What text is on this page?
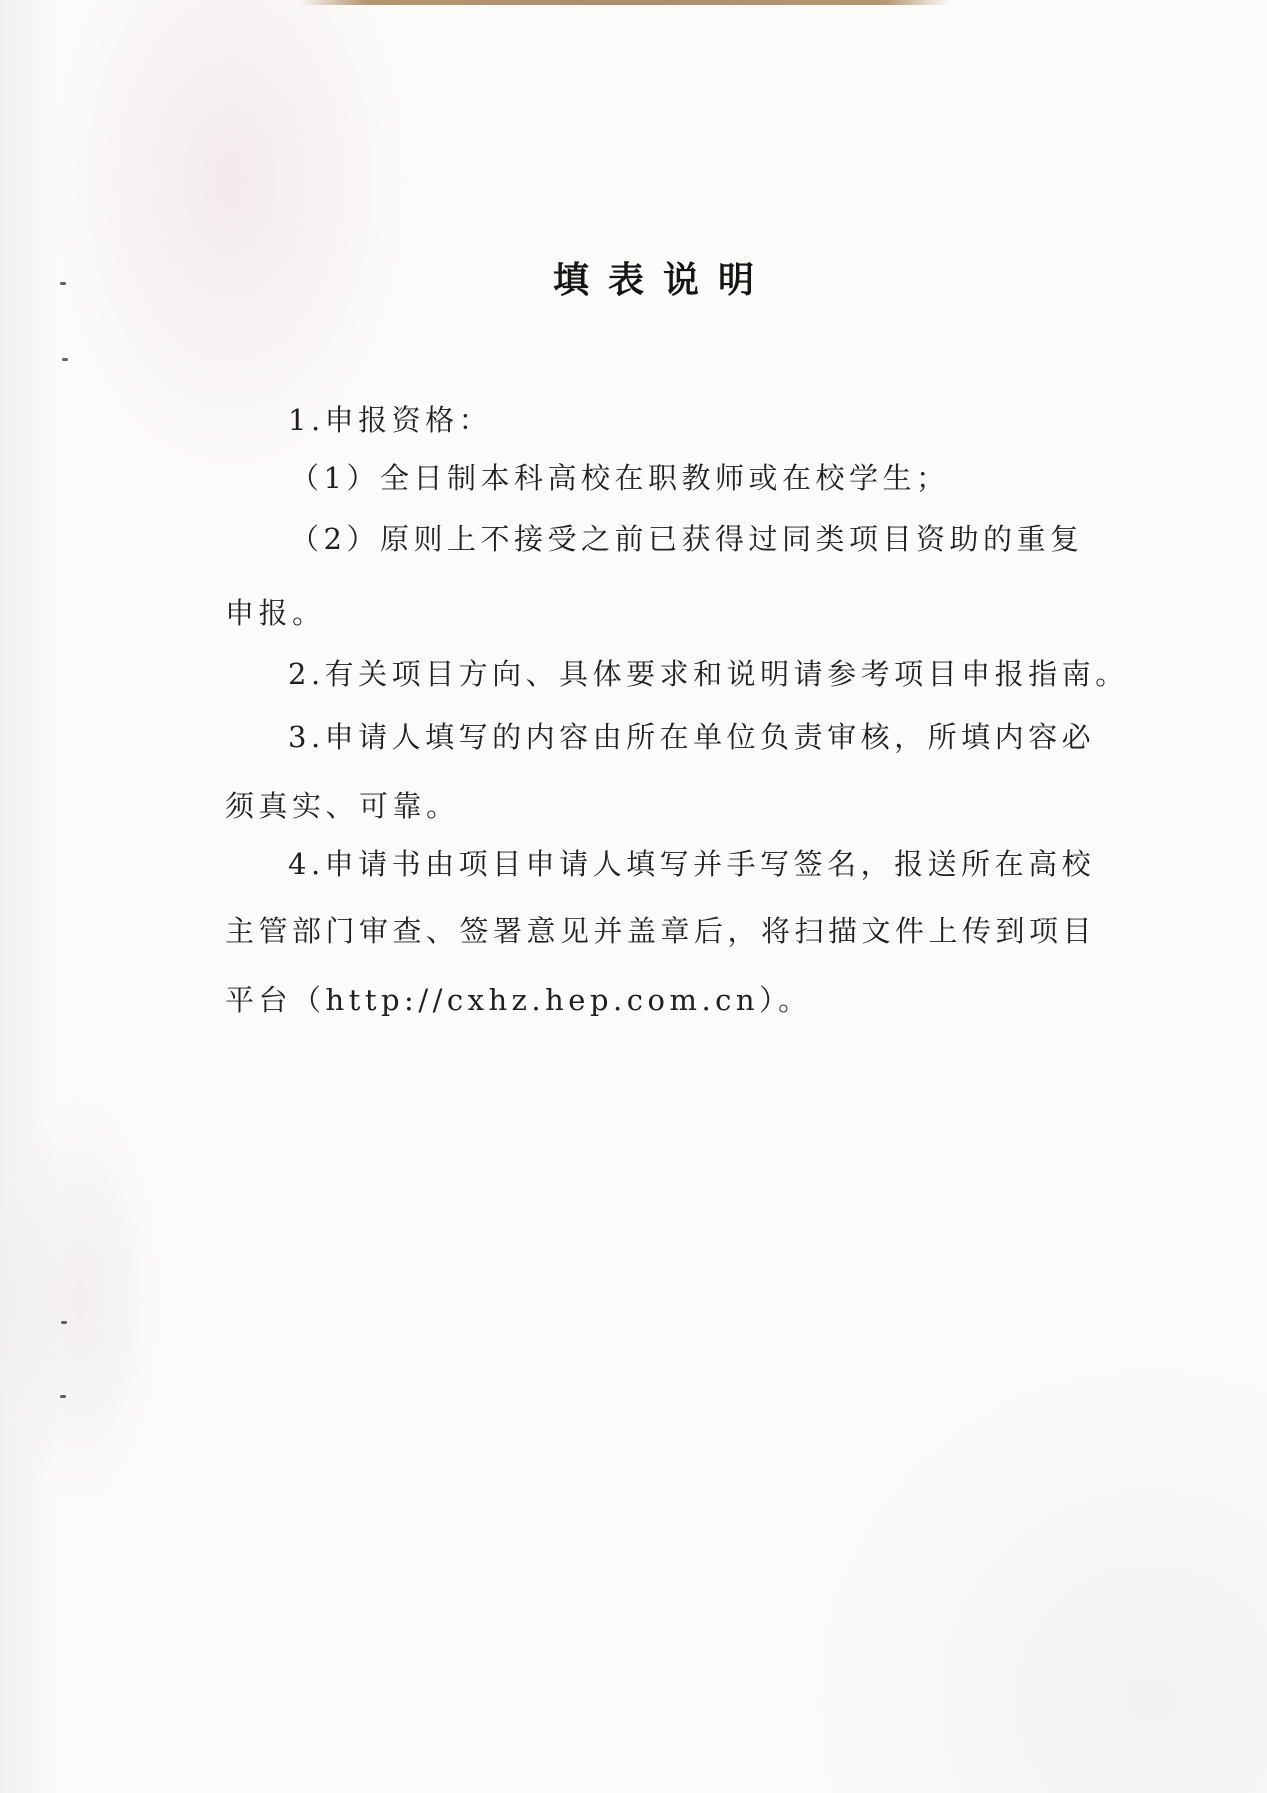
填表说明
1.申报资格：
（1）全日制本科高校在职教师或在校学生；
（2）原则上不接受之前已获得过同类项目资助的重复
申报。
2.有关项目方向、具体要求和说明请参考项目申报指南。
3.申请人填写的内容由所在单位负责审核，所填内容必
须真实、可靠。
4.申请书由项目申请人填写并手写签名，报送所在高校
主管部门审查、签署意见并盖章后，将扫描文件上传到项目
平台（http://cxhz.hep.com.cn）。
